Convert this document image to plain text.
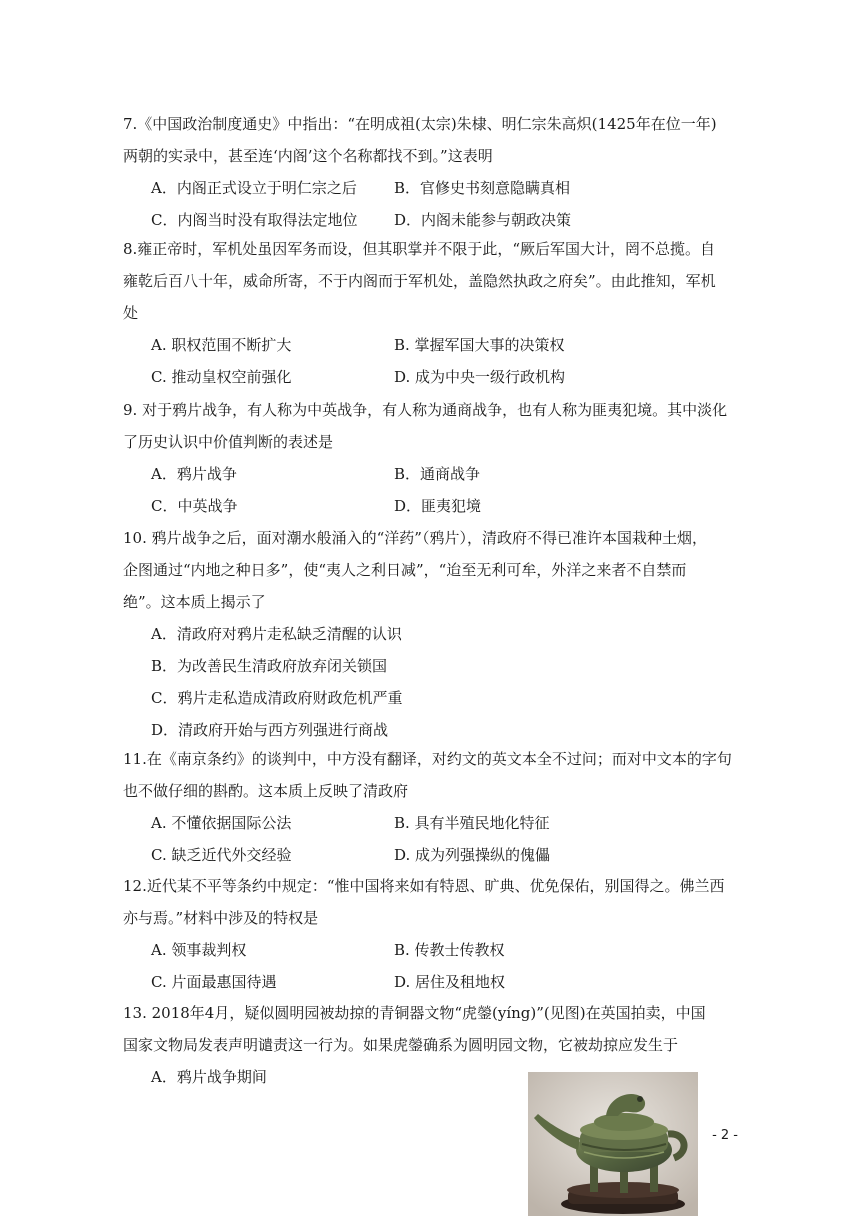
7.《中国政治制度通史》中指出：“在明成祖(太宗)朱棣、明仁宗朱高炽(1425年在位一年)
两朝的实录中，甚至连‘内阁’这个名称都找不到。”这表明
A．内阁正式设立于明仁宗之后	B．官修史书刻意隐瞒真相
C．内阁当时没有取得法定地位	D．内阁未能参与朝政决策
8.雍正帝时，军机处虽因军务而设，但其职掌并不限于此，“厥后军国大计，罔不总揽。自
雍乾后百八十年，威命所寄，不于内阁而于军机处，盖隐然执政之府矣”。由此推知，军机
处
A. 职权范围不断扩大	B. 掌握军国大事的决策权
C. 推动皇权空前强化	D. 成为中央一级行政机构
9. 对于鸦片战争，有人称为中英战争，有人称为通商战争，也有人称为匪夷犯境。其中淡化
了历史认识中价值判断的表述是
A．鸦片战争	B．通商战争
C．中英战争	D．匪夷犯境
10. 鸦片战争之后，面对潮水般涌入的“洋药”（鸦片），清政府不得已准许本国栽种土烟，
企图通过“内地之种日多”，使“夷人之利日减”，“迨至无利可牟，外洋之来者不自禁而
绝”。这本质上揭示了
A．清政府对鸦片走私缺乏清醒的认识
B．为改善民生清政府放弃闭关锁国
C．鸦片走私造成清政府财政危机严重
D．清政府开始与西方列强进行商战
11.在《南京条约》的谈判中，中方没有翻译，对约文的英文本全不过问；而对中文本的字句
也不做仔细的斟酌。这本质上反映了清政府
A. 不懂依据国际公法	B. 具有半殖民地化特征
C. 缺乏近代外交经验	D. 成为列强操纵的傀儡
12.近代某不平等条约中规定：“惟中国将来如有特恩、旷典、优免保佑，别国得之。佛兰西
亦与焉。”材料中涉及的特权是
A. 领事裁判权	B. 传教士传教权
C. 片面最惠国待遇	D. 居住及租地权
13. 2018年4月，疑似圆明园被劫掠的青铜器文物“虎鎣(yíng)”(见图)在英国拍卖，中国
国家文物局发表声明谴责这一行为。如果虎鎣确系为圆明园文物，它被劫掠应发生于
A．鸦片战争期间
- 2 -
